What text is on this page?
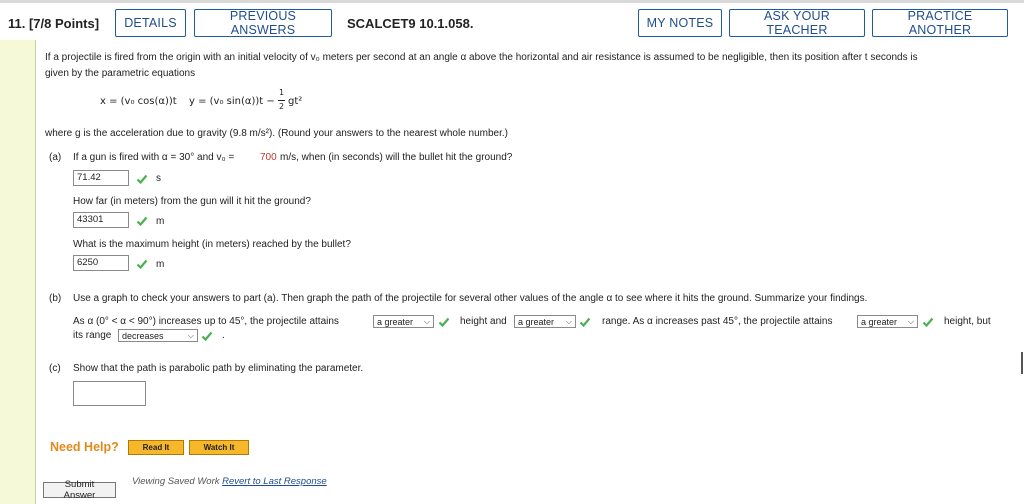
11. [7/8 Points]	DETAILS	PREVIOUS ANSWERS	SCALCET9 10.1.058.	MY NOTES	ASK YOUR TEACHER
PRACTICE ANOTHER
If a projectile is fired from the origin with an initial velocity of v₀ meters per second at an angle α above the horizontal and air resistance is assumed to be negligible, then its position after t seconds is
given by the parametric equations
x = (v₀ cos(α))t y = (v₀ sin(α))t −
1
2 gt²
where g is the acceleration due to gravity (9.8 m/s²). (Round your answers to the nearest whole number.)
(a) If a gun is fired with α = 30° and v₀ =	700 m/s, when (in seconds) will the bullet hit the ground?
71.42	s
How far (in meters) from the gun will it hit the ground?
43301	m
What is the maximum height (in meters) reached by the bullet?
6250	m
(b) Use a graph to check your answers to part (a). Then graph the path of the projectile for several other values of the angle α to see where it hits the ground. Summarize your findings.
As α (0° < α < 90°) increases up to 45°, the projectile attains	a greater ⌵	height and a greater ⌵	range. As α increases past 45°, the projectile attains	a greater ⌵	height, but
its range decreases	⌵	.
(c) Show that the path is parabolic path by eliminating the parameter.
Need Help?	Read It	Watch It
Viewing Saved Work Revert to Last Response
Submit Answer
